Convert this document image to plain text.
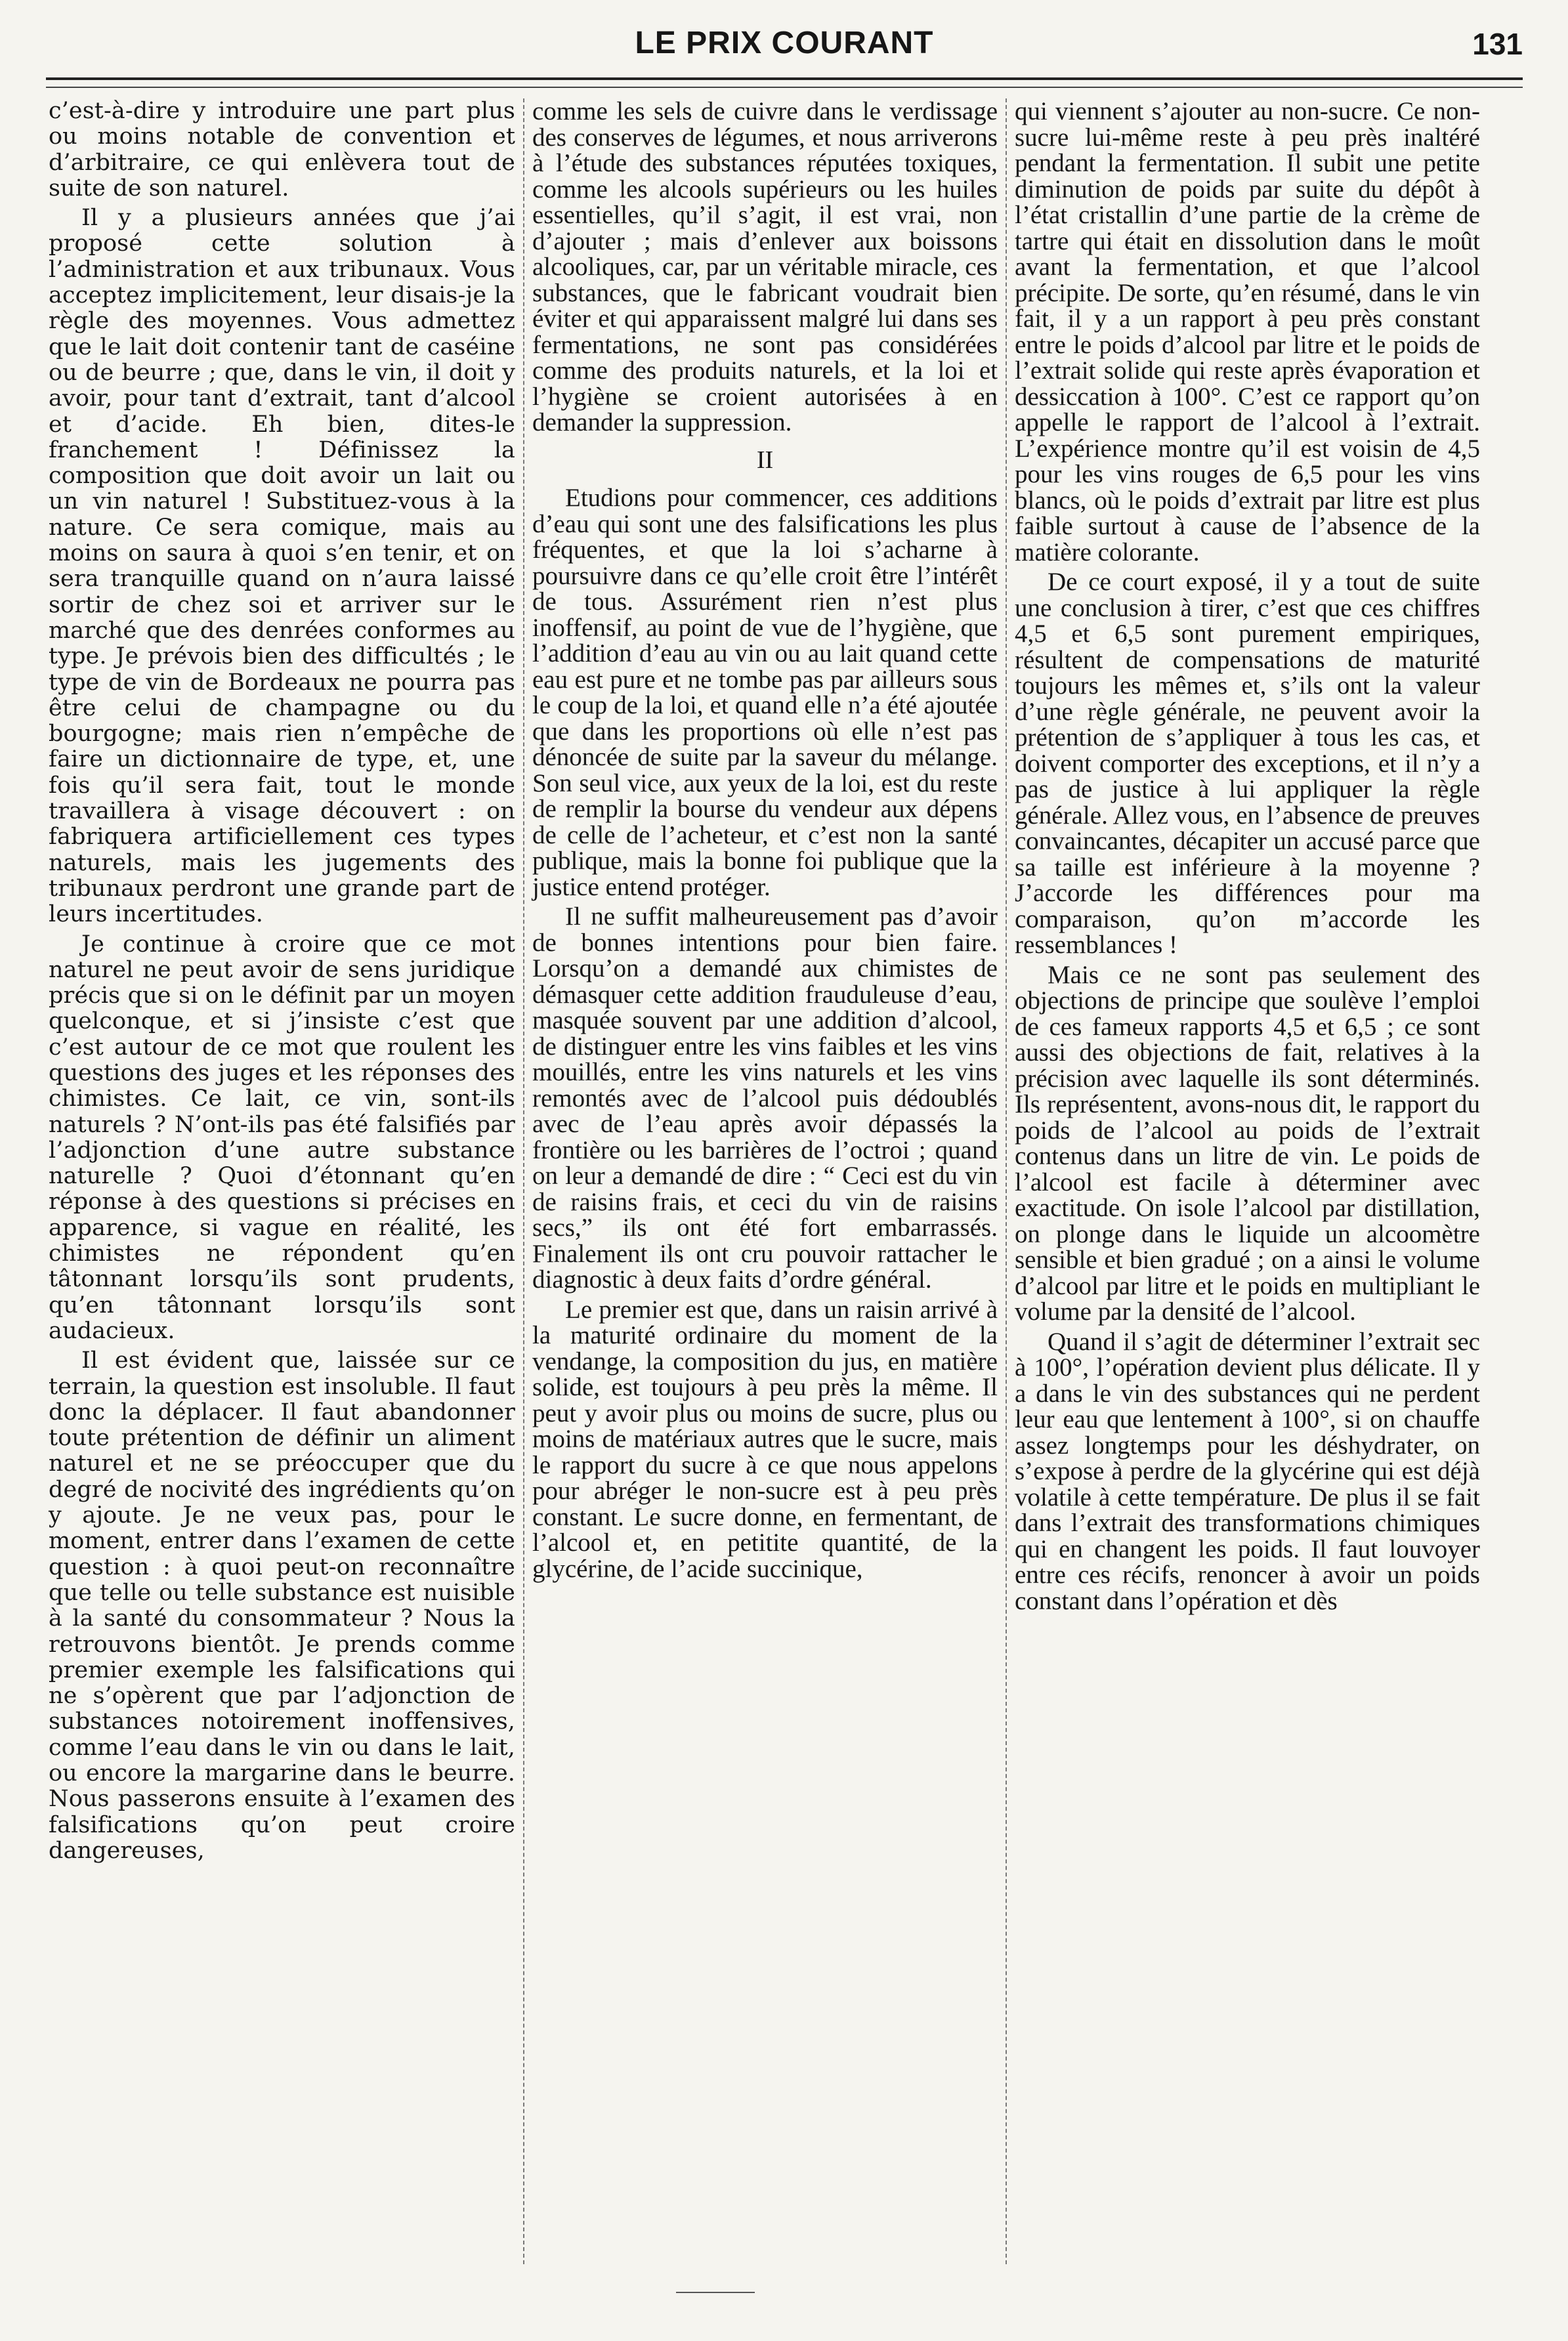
LE PRIX COURANT	131

c’est-à-dire y introduire une part plus ou moins notable de convention et d’arbitraire, ce qui enlèvera tout de suite de son naturel.

Il y a plusieurs années que j’ai proposé cette solution à l’administration et aux tribunaux. Vous acceptez implicitement, leur disais-je la règle des moyennes. Vous admettez que le lait doit contenir tant de caséine ou de beurre ; que, dans le vin, il doit y avoir, pour tant d’extrait, tant d’alcool et d’acide. Eh bien, dites-le franchement ! Définissez la composition que doit avoir un lait ou un vin naturel ! Substituez-vous à la nature. Ce sera comique, mais au moins on saura à quoi s’en tenir, et on sera tranquille quand on n’aura laissé sortir de chez soi et arriver sur le marché que des denrées conformes au type. Je prévois bien des difficultés ; le type de vin de Bordeaux ne pourra pas être celui de champagne ou du bourgogne; mais rien n’empêche de faire un dictionnaire de type, et, une fois qu’il sera fait, tout le monde travaillera à visage découvert : on fabriquera artificiellement ces types naturels, mais les jugements des tribunaux perdront une grande part de leurs incertitudes.

Je continue à croire que ce mot naturel ne peut avoir de sens juridique précis que si on le définit par un moyen quelconque, et si j’insiste c’est que c’est autour de ce mot que roulent les questions des juges et les réponses des chimistes. Ce lait, ce vin, sont-ils naturels ? N’ont-ils pas été falsifiés par l’adjonction d’une autre substance naturelle ? Quoi d’étonnant qu’en réponse à des questions si précises en apparence, si vague en réalité, les chimistes ne répondent qu’en tâtonnant lorsqu’ils sont prudents, qu’en tâtonnant lorsqu’ils sont audacieux.

Il est évident que, laissée sur ce terrain, la question est insoluble. Il faut donc la déplacer. Il faut abandonner toute prétention de définir un aliment naturel et ne se préoccuper que du degré de nocivité des ingrédients qu’on y ajoute. Je ne veux pas, pour le moment, entrer dans l’examen de cette question : à quoi peut-on reconnaître que telle ou telle substance est nuisible à la santé du consommateur ? Nous la retrouvons bientôt. Je prends comme premier exemple les falsifications qui ne s’opèrent que par l’adjonction de substances notoirement inoffensives, comme l’eau dans le vin ou dans le lait, ou encore la margarine dans le beurre. Nous passerons ensuite à l’examen des falsifications qu’on peut croire dangereuses,

comme les sels de cuivre dans le verdissage des conserves de légumes, et nous arriverons à l’étude des substances réputées toxiques, comme les alcools supérieurs ou les huiles essentielles, qu’il s’agit, il est vrai, non d’ajouter ; mais d’enlever aux boissons alcooliques, car, par un véritable miracle, ces substances, que le fabricant voudrait bien éviter et qui apparaissent malgré lui dans ses fermentations, ne sont pas considérées comme des produits naturels, et la loi et l’hygiène se croient autorisées à en demander la suppression.

II

Etudions pour commencer, ces additions d’eau qui sont une des falsifications les plus fréquentes, et que la loi s’acharne à poursuivre dans ce qu’elle croit être l’intérêt de tous. Assurément rien n’est plus inoffensif, au point de vue de l’hygiène, que l’addition d’eau au vin ou au lait quand cette eau est pure et ne tombe pas par ailleurs sous le coup de la loi, et quand elle n’a été ajoutée que dans les proportions où elle n’est pas dénoncée de suite par la saveur du mélange. Son seul vice, aux yeux de la loi, est du reste de remplir la bourse du vendeur aux dépens de celle de l’acheteur, et c’est non la santé publique, mais la bonne foi publique que la justice entend protéger.

Il ne suffit malheureusement pas d’avoir de bonnes intentions pour bien faire. Lorsqu’on a demandé aux chimistes de démasquer cette addition frauduleuse d’eau, masquée souvent par une addition d’alcool, de distinguer entre les vins faibles et les vins mouillés, entre les vins naturels et les vins remontés avec de l’alcool puis dédoublés avec de l’eau après avoir dépassés la frontière ou les barrières de l’octroi ; quand on leur a demandé de dire : “ Ceci est du vin de raisins frais, et ceci du vin de raisins secs,” ils ont été fort embarrassés. Finalement ils ont cru pouvoir rattacher le diagnostic à deux faits d’ordre général.

Le premier est que, dans un raisin arrivé à la maturité ordinaire du moment de la vendange, la composition du jus, en matière solide, est toujours à peu près la même. Il peut y avoir plus ou moins de sucre, plus ou moins de matériaux autres que le sucre, mais le rapport du sucre à ce que nous appelons pour abréger le non-sucre est à peu près constant. Le sucre donne, en fermentant, de l’alcool et, en petitite quantité, de la glycérine, de l’acide succinique,

qui viennent s’ajouter au non-sucre. Ce non-sucre lui-même reste à peu près inaltéré pendant la fermentation. Il subit une petite diminution de poids par suite du dépôt à l’état cristallin d’une partie de la crème de tartre qui était en dissolution dans le moût avant la fermentation, et que l’alcool précipite. De sorte, qu’en résumé, dans le vin fait, il y a un rapport à peu près constant entre le poids d’alcool par litre et le poids de l’extrait solide qui reste après évaporation et dessiccation à 100°. C’est ce rapport qu’on appelle le rapport de l’alcool à l’extrait. L’expérience montre qu’il est voisin de 4,5 pour les vins rouges de 6,5 pour les vins blancs, où le poids d’extrait par litre est plus faible surtout à cause de l’absence de la matière colorante.

De ce court exposé, il y a tout de suite une conclusion à tirer, c’est que ces chiffres 4,5 et 6,5 sont purement empiriques, résultent de compensations de maturité toujours les mêmes et, s’ils ont la valeur d’une règle générale, ne peuvent avoir la prétention de s’appliquer à tous les cas, et doivent comporter des exceptions, et il n’y a pas de justice à lui appliquer la règle générale. Allez vous, en l’absence de preuves convaincantes, décapiter un accusé parce que sa taille est inférieure à la moyenne ? J’accorde les différences pour ma comparaison, qu’on m’accorde les ressemblances !

Mais ce ne sont pas seulement des objections de principe que soulève l’emploi de ces fameux rapports 4,5 et 6,5 ; ce sont aussi des objections de fait, relatives à la précision avec laquelle ils sont déterminés. Ils représentent, avons-nous dit, le rapport du poids de l’alcool au poids de l’extrait contenus dans un litre de vin. Le poids de l’alcool est facile à déterminer avec exactitude. On isole l’alcool par distillation, on plonge dans le liquide un alcoomètre sensible et bien gradué ; on a ainsi le volume d’alcool par litre et le poids en multipliant le volume par la densité de l’alcool.

Quand il s’agit de déterminer l’extrait sec à 100°, l’opération devient plus délicate. Il y a dans le vin des substances qui ne perdent leur eau que lentement à 100°, si on chauffe assez longtemps pour les déshydrater, on s’expose à perdre de la glycérine qui est déjà volatile à cette température. De plus il se fait dans l’extrait des transformations chimiques qui en changent les poids. Il faut louvoyer entre ces récifs, renoncer à avoir un poids constant dans l’opération et dès
